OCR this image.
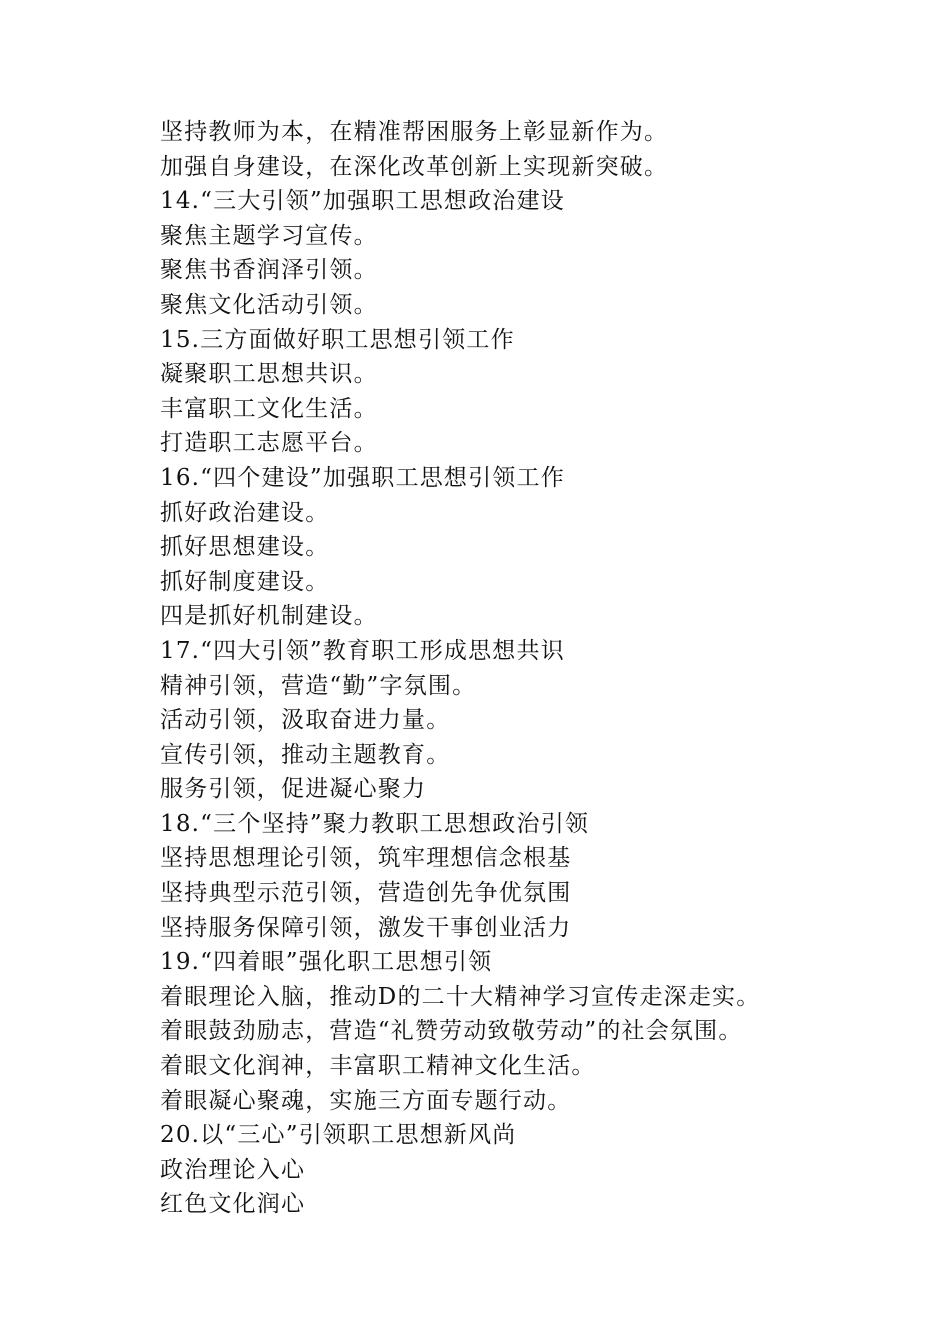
坚持教师为本，在精准帮困服务上彰显新作为。
加强自身建设，在深化改革创新上实现新突破。
14.“三大引领”加强职工思想政治建设
聚焦主题学习宣传。
聚焦书香润泽引领。
聚焦文化活动引领。
15.三方面做好职工思想引领工作
凝聚职工思想共识。
丰富职工文化生活。
打造职工志愿平台。
16.“四个建设”加强职工思想引领工作
抓好政治建设。
抓好思想建设。
抓好制度建设。
四是抓好机制建设。
17.“四大引领”教育职工形成思想共识
精神引领，营造“勤”字氛围。
活动引领，汲取奋进力量。
宣传引领，推动主题教育。
服务引领，促进凝心聚力
18.“三个坚持”聚力教职工思想政治引领
坚持思想理论引领，筑牢理想信念根基
坚持典型示范引领，营造创先争优氛围
坚持服务保障引领，激发干事创业活力
19.“四着眼”强化职工思想引领
着眼理论入脑，推动D的二十大精神学习宣传走深走实。
着眼鼓劲励志，营造“礼赞劳动致敬劳动”的社会氛围。
着眼文化润神，丰富职工精神文化生活。
着眼凝心聚魂，实施三方面专题行动。
20.以“三心”引领职工思想新风尚
政治理论入心
红色文化润心
